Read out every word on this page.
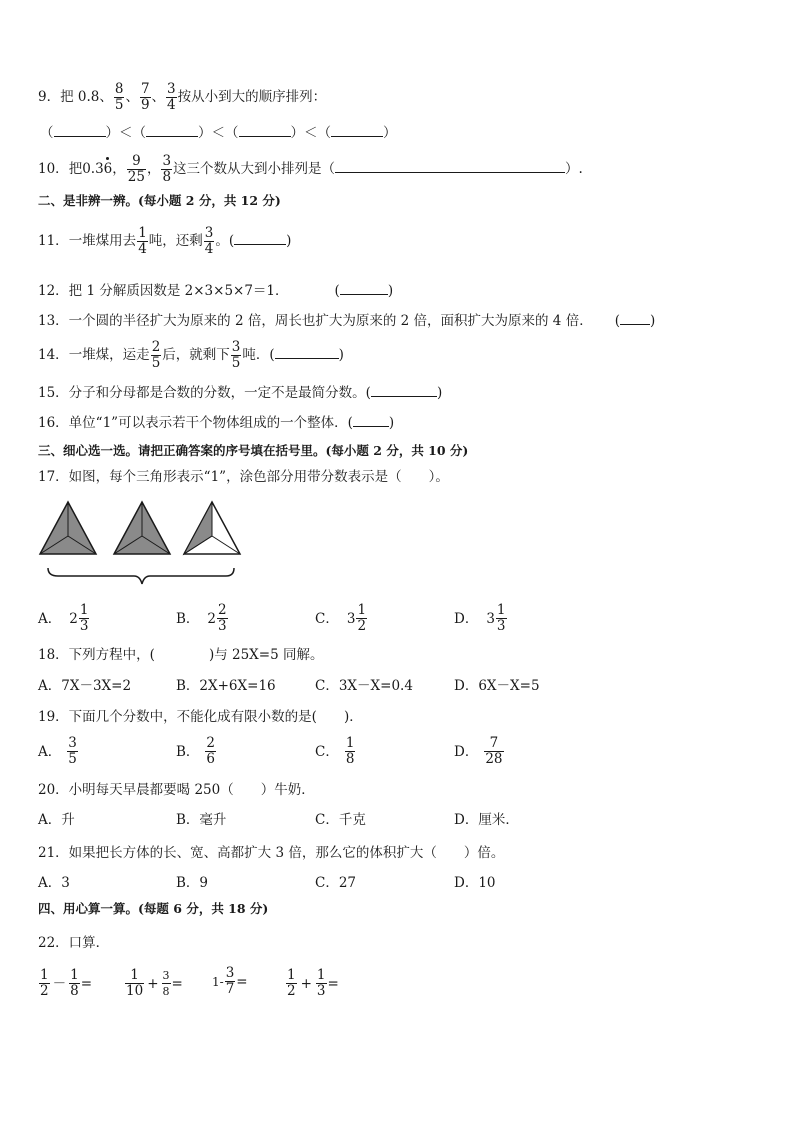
9．把 0.8、 $\frac{8}{5}$ 、 $\frac{7}{9}$ 、 $\frac{3}{4}$ 按从小到大的顺序排列：
（	）＜（	）＜（	）＜（	）
10．把0.36， $\frac{9}{25}$ ， $\frac{3}{8}$ 这三个数从大到小排列是（	）.
二、是非辨一辨。(每小题 2 分，共 12 分)
11．一堆煤用去 $\frac{1}{4}$ 吨，还剩 $\frac{3}{4}$ 。(	)
12．把 1 分解质因数是 2×3×5×7＝1．	(	)
13．一个圆的半径扩大为原来的 2 倍，周长也扩大为原来的 2 倍，面积扩大为原来的 4 倍． ( )
14．一堆煤，运走 $\frac{2}{5}$ 后，就剩下 $\frac{3}{5}$ 吨．(	)
15．分子和分母都是合数的分数，一定不是最简分数。(	)
16．单位“1”可以表示若干个物体组成的一个整体．(	)
三、细心选一选。请把正确答案的序号填在括号里。(每小题 2 分，共 10 分)
17．如图，每个三角形表示“1”，涂色部分用带分数表示是（　　）。
A． $2 \frac{1}{3}$	B． $2 \frac{2}{3}$	C． $3 \frac{1}{2}$	D． $3 \frac{1}{3}$
18．下列方程中，(　　　　)与 25X=5 同解。
A．7X－3X=2	B．2X+6X=16	C．3X－X=0.4	D．6X－X=5
19．下面几个分数中，不能化成有限小数的是(　　)．
A． $\frac{3}{5}$	B． $\frac{2}{6}$	C． $\frac{1}{8}$	D． $\frac{7}{28}$
20．小明每天早晨都要喝 250（　　）牛奶．
A．升	B．毫升	C．千克	D．厘米．
21．如果把长方体的长、宽、高都扩大 3 倍，那么它的体积扩大（　　）倍。
A．3	B．9	C．27	D．10
四、用心算一算。(每题 6 分，共 18 分)
22．口算．
$\frac{1}{2} - \frac{1}{8} = \frac{1}{10} + \frac{3}{8} = 1- \frac{3}{7}$ =	$\frac{1}{2} + \frac{1}{3}$ =
